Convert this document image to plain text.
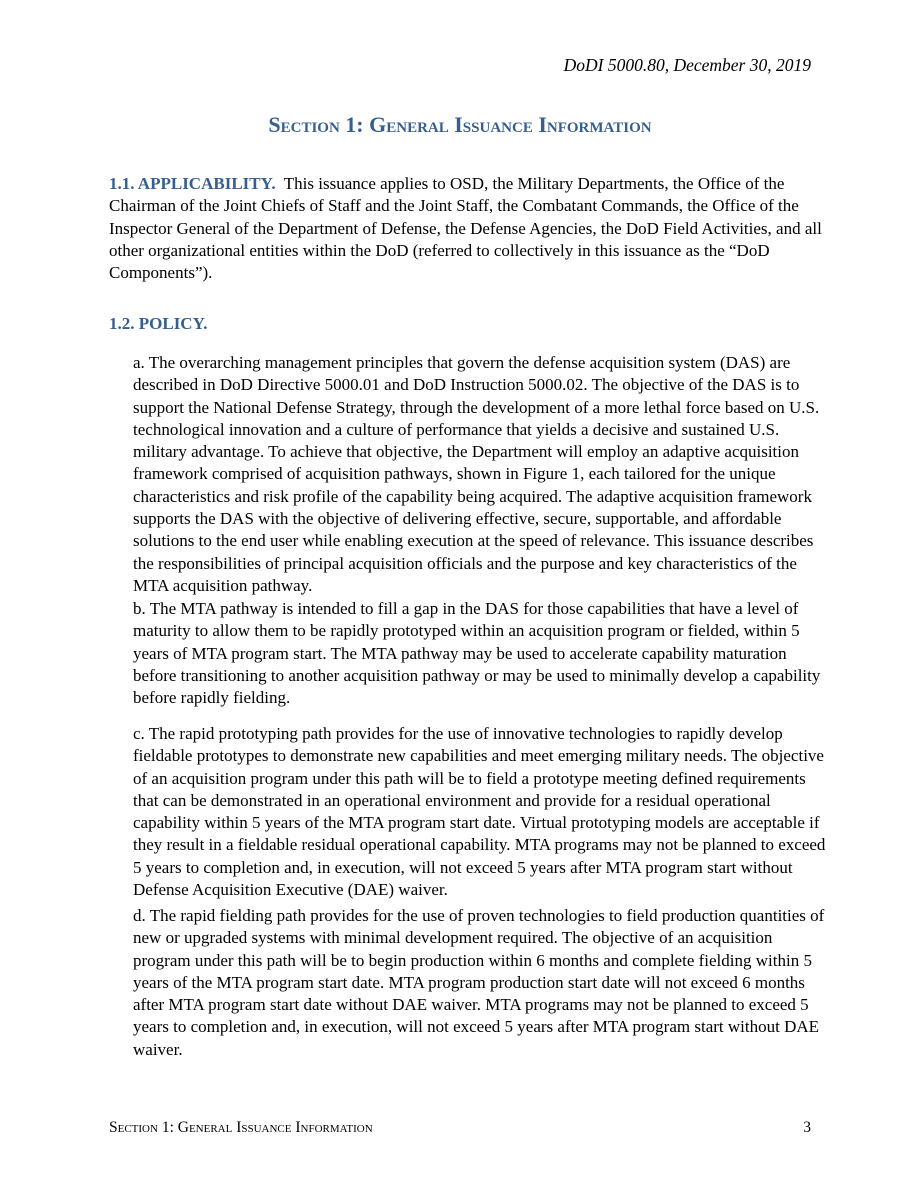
DoDI 5000.80, December 30, 2019
Section 1: General Issuance Information

1.1. APPLICABILITY. This issuance applies to OSD, the Military Departments, the Office of the Chairman of the Joint Chiefs of Staff and the Joint Staff, the Combatant Commands, the Office of the Inspector General of the Department of Defense, the Defense Agencies, the DoD Field Activities, and all other organizational entities within the DoD (referred to collectively in this issuance as the “DoD Components”).

1.2. POLICY.

a. The overarching management principles that govern the defense acquisition system (DAS) are described in DoD Directive 5000.01 and DoD Instruction 5000.02. The objective of the DAS is to support the National Defense Strategy, through the development of a more lethal force based on U.S. technological innovation and a culture of performance that yields a decisive and sustained U.S. military advantage. To achieve that objective, the Department will employ an adaptive acquisition framework comprised of acquisition pathways, shown in Figure 1, each tailored for the unique characteristics and risk profile of the capability being acquired. The adaptive acquisition framework supports the DAS with the objective of delivering effective, secure, supportable, and affordable solutions to the end user while enabling execution at the speed of relevance. This issuance describes the responsibilities of principal acquisition officials and the purpose and key characteristics of the MTA acquisition pathway.

b. The MTA pathway is intended to fill a gap in the DAS for those capabilities that have a level of maturity to allow them to be rapidly prototyped within an acquisition program or fielded, within 5 years of MTA program start. The MTA pathway may be used to accelerate capability maturation before transitioning to another acquisition pathway or may be used to minimally develop a capability before rapidly fielding.

c. The rapid prototyping path provides for the use of innovative technologies to rapidly develop fieldable prototypes to demonstrate new capabilities and meet emerging military needs. The objective of an acquisition program under this path will be to field a prototype meeting defined requirements that can be demonstrated in an operational environment and provide for a residual operational capability within 5 years of the MTA program start date. Virtual prototyping models are acceptable if they result in a fieldable residual operational capability. MTA programs may not be planned to exceed 5 years to completion and, in execution, will not exceed 5 years after MTA program start without Defense Acquisition Executive (DAE) waiver.

d. The rapid fielding path provides for the use of proven technologies to field production quantities of new or upgraded systems with minimal development required. The objective of an acquisition program under this path will be to begin production within 6 months and complete fielding within 5 years of the MTA program start date. MTA program production start date will not exceed 6 months after MTA program start date without DAE waiver. MTA programs may not be planned to exceed 5 years to completion and, in execution, will not exceed 5 years after MTA program start without DAE waiver.

Section 1: General Issuance Information	3
